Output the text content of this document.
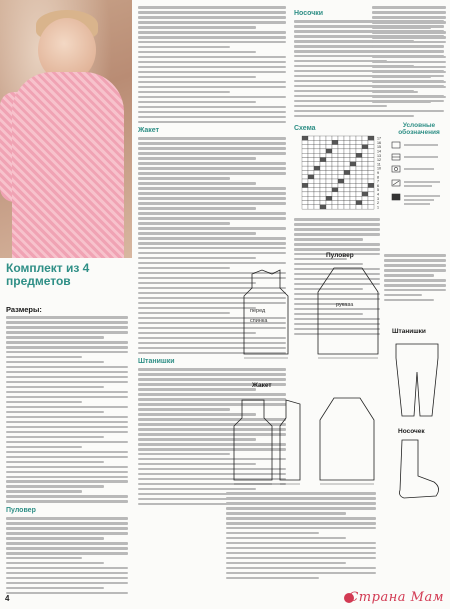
Комплект из 4 предметов
Размеры:
Пуловер
Жакет
Штанишки
Носочки
Схема
17
16
15
14
13
12
11
10
9
8
7
6
5
4
3
2
1
Условные обозначения
Пуловер
перед
спинка
рукава
Жакет
Штанишки
Носочек
4	Страна Мам
